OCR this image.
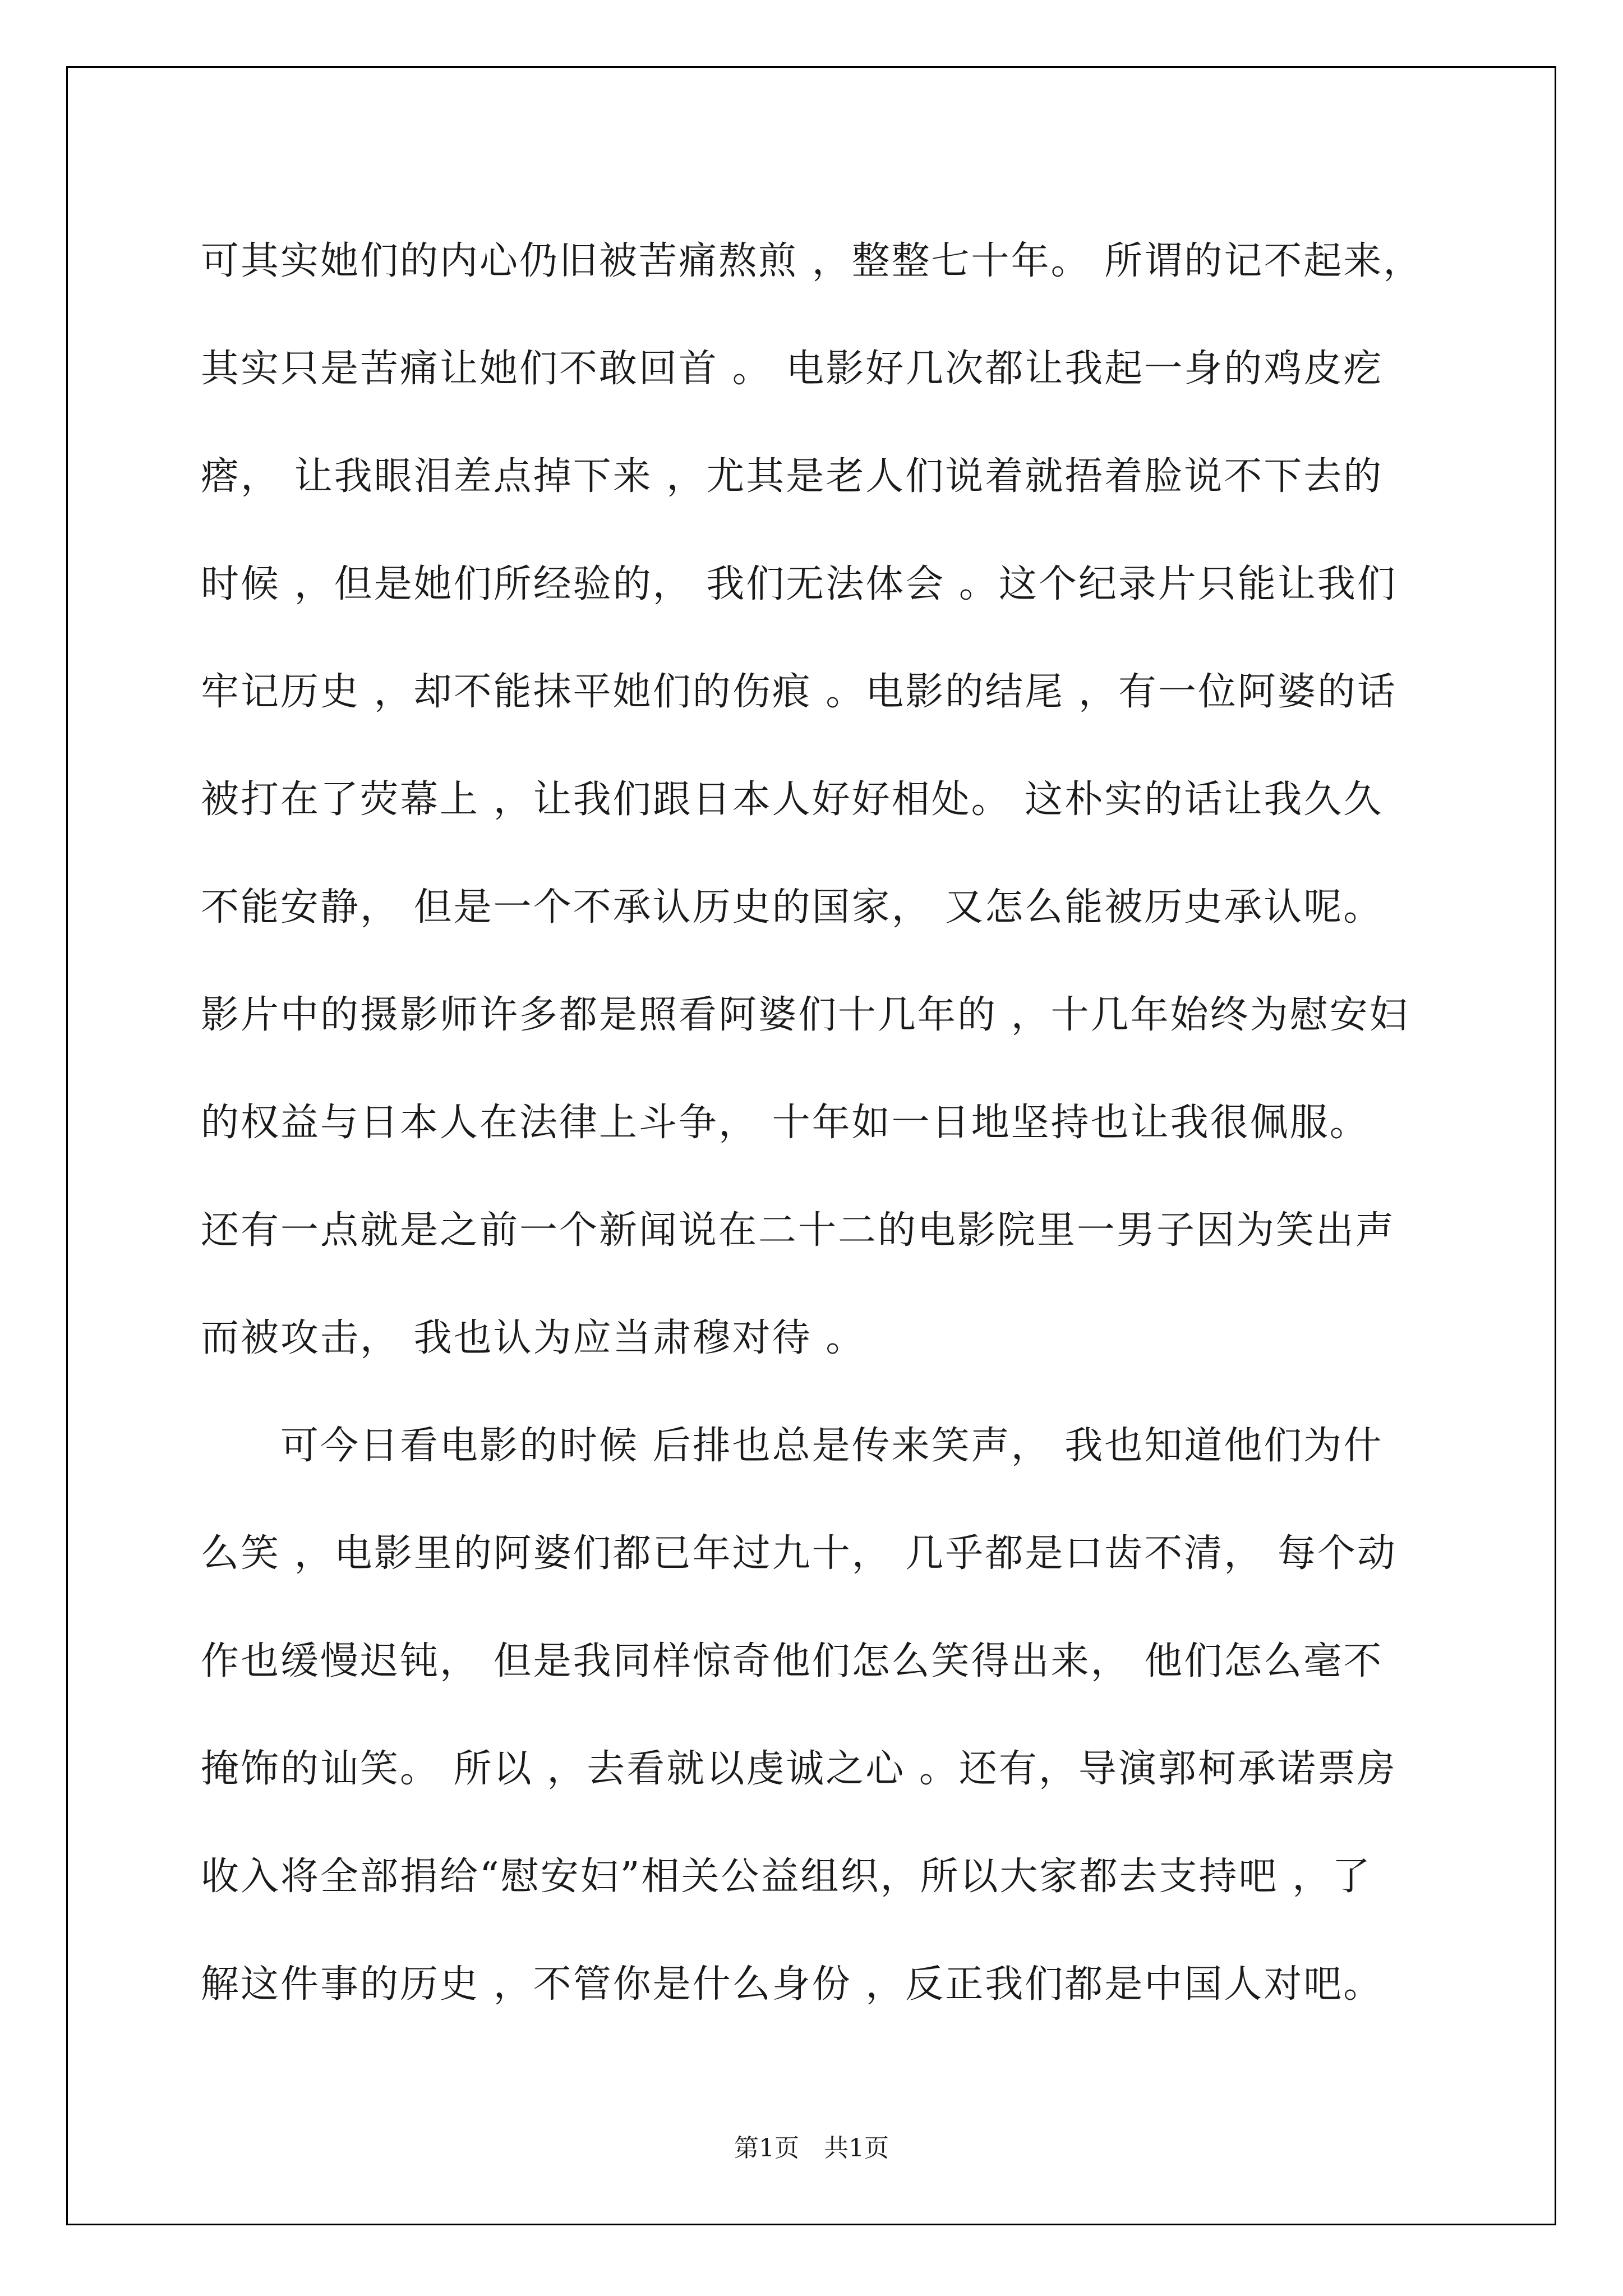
可其实她们的内心仍旧被苦痛熬煎 ，整整七十年。 所谓的记不起来，
其实只是苦痛让她们不敢回首 。 电影好几次都让我起一身的鸡皮疙
瘩， 让我眼泪差点掉下来 ，尤其是老人们说着就捂着脸说不下去的
时候 ，但是她们所经验的， 我们无法体会 。这个纪录片只能让我们
牢记历史 ，却不能抹平她们的伤痕 。电影的结尾 ，有一位阿婆的话
被打在了荧幕上 ，让我们跟日本人好好相处。 这朴实的话让我久久
不能安静， 但是一个不承认历史的国家， 又怎么能被历史承认呢。
影片中的摄影师许多都是照看阿婆们十几年的 ，十几年始终为慰安妇
的权益与日本人在法律上斗争， 十年如一日地坚持也让我很佩服。
还有一点就是之前一个新闻说在二十二的电影院里一男子因为笑出声
而被攻击， 我也认为应当肃穆对待 。
　　可今日看电影的时候 后排也总是传来笑声， 我也知道他们为什
么笑 ，电影里的阿婆们都已年过九十， 几乎都是口齿不清， 每个动
作也缓慢迟钝， 但是我同样惊奇他们怎么笑得出来， 他们怎么毫不
掩饰的讪笑。 所以 ，去看就以虔诚之心 。还有，导演郭柯承诺票房
收入将全部捐给“慰安妇”相关公益组织，所以大家都去支持吧 ，了
解这件事的历史 ，不管你是什么身份 ，反正我们都是中国人对吧。
第1页　共1页
